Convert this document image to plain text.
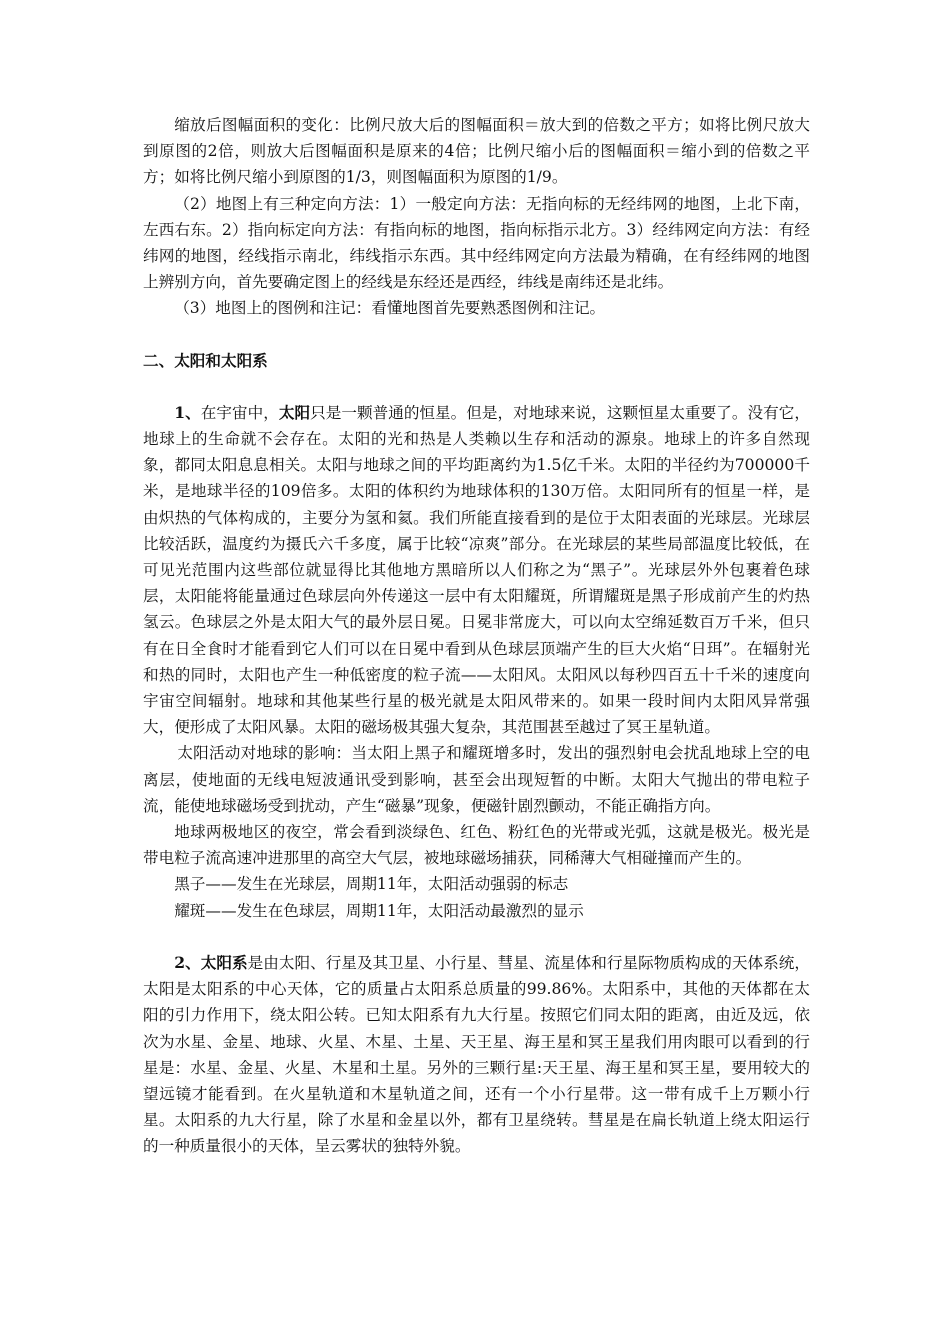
缩放后图幅面积的变化：比例尺放大后的图幅面积＝放大到的倍数之平方；如将比例尺放大到原图的2倍，则放大后图幅面积是原来的4倍；比例尺缩小后的图幅面积＝缩小到的倍数之平方；如将比例尺缩小到原图的1/3，则图幅面积为原图的1/9。

（2）地图上有三种定向方法：1）一般定向方法：无指向标的无经纬网的地图，上北下南，左西右东。2）指向标定向方法：有指向标的地图，指向标指示北方。3）经纬网定向方法：有经纬网的地图，经线指示南北，纬线指示东西。其中经纬网定向方法最为精确，在有经纬网的地图上辨别方向，首先要确定图上的经线是东经还是西经，纬线是南纬还是北纬。

（3）地图上的图例和注记：看懂地图首先要熟悉图例和注记。

二、太阳和太阳系

1、在宇宙中，太阳只是一颗普通的恒星。但是，对地球来说，这颗恒星太重要了。没有它，地球上的生命就不会存在。太阳的光和热是人类赖以生存和活动的源泉。地球上的许多自然现象，都同太阳息息相关。太阳与地球之间的平均距离约为1.5亿千米。太阳的半径约为700000千米，是地球半径的109倍多。太阳的体积约为地球体积的130万倍。太阳同所有的恒星一样，是由炽热的气体构成的，主要分为氢和氦。我们所能直接看到的是位于太阳表面的光球层。光球层比较活跃，温度约为摄氏六千多度，属于比较“凉爽”部分。在光球层的某些局部温度比较低，在可见光范围内这些部位就显得比其他地方黑暗所以人们称之为“黑子”。光球层外外包裹着色球层，太阳能将能量通过色球层向外传递这一层中有太阳耀斑，所谓耀斑是黑子形成前产生的灼热氢云。色球层之外是太阳大气的最外层日冕。日冕非常庞大，可以向太空绵延数百万千米，但只有在日全食时才能看到它人们可以在日冕中看到从色球层顶端产生的巨大火焰“日珥”。在辐射光和热的同时，太阳也产生一种低密度的粒子流——太阳风。太阳风以每秒四百五十千米的速度向宇宙空间辐射。地球和其他某些行星的极光就是太阳风带来的。如果一段时间内太阳风异常强大，便形成了太阳风暴。太阳的磁场极其强大复杂，其范围甚至越过了冥王星轨道。

太阳活动对地球的影响：当太阳上黑子和耀斑增多时，发出的强烈射电会扰乱地球上空的电离层，使地面的无线电短波通讯受到影响，甚至会出现短暂的中断。太阳大气抛出的带电粒子流，能使地球磁场受到扰动，产生“磁暴”现象，便磁针剧烈颤动，不能正确指方向。

地球两极地区的夜空，常会看到淡绿色、红色、粉红色的光带或光弧，这就是极光。极光是带电粒子流高速冲进那里的高空大气层，被地球磁场捕获，同稀薄大气相碰撞而产生的。

黑子——发生在光球层，周期11年，太阳活动强弱的标志

耀斑——发生在色球层，周期11年，太阳活动最激烈的显示

2、太阳系是由太阳、行星及其卫星、小行星、彗星、流星体和行星际物质构成的天体系统，太阳是太阳系的中心天体，它的质量占太阳系总质量的99.86%。太阳系中，其他的天体都在太阳的引力作用下，绕太阳公转。已知太阳系有九大行星。按照它们同太阳的距离，由近及远，依次为水星、金星、地球、火星、木星、土星、天王星、海王星和冥王星我们用肉眼可以看到的行星是：水星、金星、火星、木星和土星。另外的三颗行星:天王星、海王星和冥王星，要用较大的望远镜才能看到。在火星轨道和木星轨道之间，还有一个小行星带。这一带有成千上万颗小行星。太阳系的九大行星，除了水星和金星以外，都有卫星绕转。彗星是在扁长轨道上绕太阳运行的一种质量很小的天体，呈云雾状的独特外貌。
